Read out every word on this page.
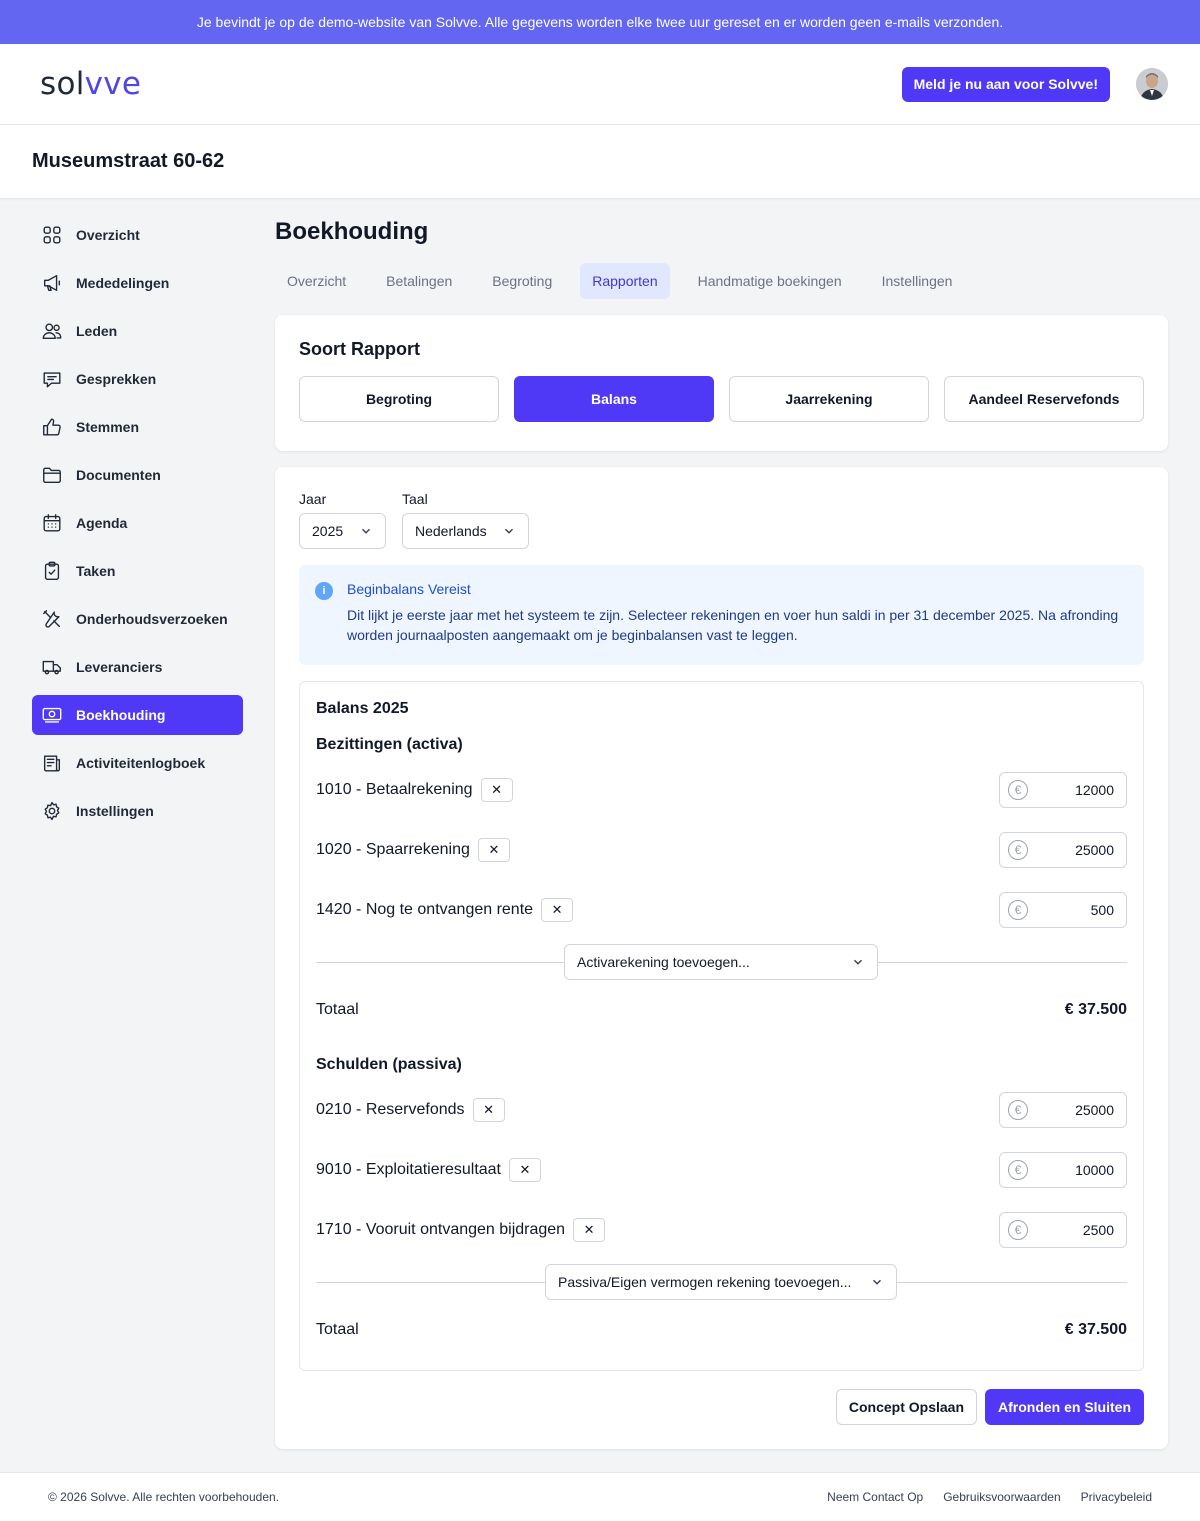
Je bevindt je op de demo-website van Solvve. Alle gegevens worden elke twee uur gereset en er worden geen e-mails verzonden.
solvve	Meld je nu aan voor Solvve!
Museumstraat 60-62
Overzicht
Mededelingen
Leden
Gesprekken
Stemmen
Documenten
Agenda
Taken
Onderhoudsverzoeken
Leveranciers
Boekhouding
Activiteitenlogboek
Instellingen
Boekhouding
Overzicht	Betalingen	Begroting	Rapporten	Handmatige boekingen	Instellingen
Soort Rapport
Begroting	Balans	Jaarrekening	Aandeel Reservefonds
Jaar
2025
Taal
Nederlands
i	Beginbalans Vereist

Dit lijkt je eerste jaar met het systeem te zijn. Selecteer rekeningen en voer hun saldi in per 31 december 2025. Na afronding worden journaalposten aangemaakt om je beginbalansen vast te leggen.

Balans 2025
Bezittingen (activa)
1010 - Betaalrekening ✕	€	12000
1020 - Spaarrekening ✕	€	25000
1420 - Nog te ontvangen rente ✕	€	500
Activarekening toevoegen...
Totaal	€ 37.500
Schulden (passiva)
0210 - Reservefonds ✕	€	25000
9010 - Exploitatieresultaat ✕	€	10000
1710 - Vooruit ontvangen bijdragen ✕	€	2500
Passiva/Eigen vermogen rekening toevoegen...
Totaal	€ 37.500
Concept Opslaan	Afronden en Sluiten
© 2026 Solvve. Alle rechten voorbehouden.	Neem Contact Op Gebruiksvoorwaarden Privacybeleid
